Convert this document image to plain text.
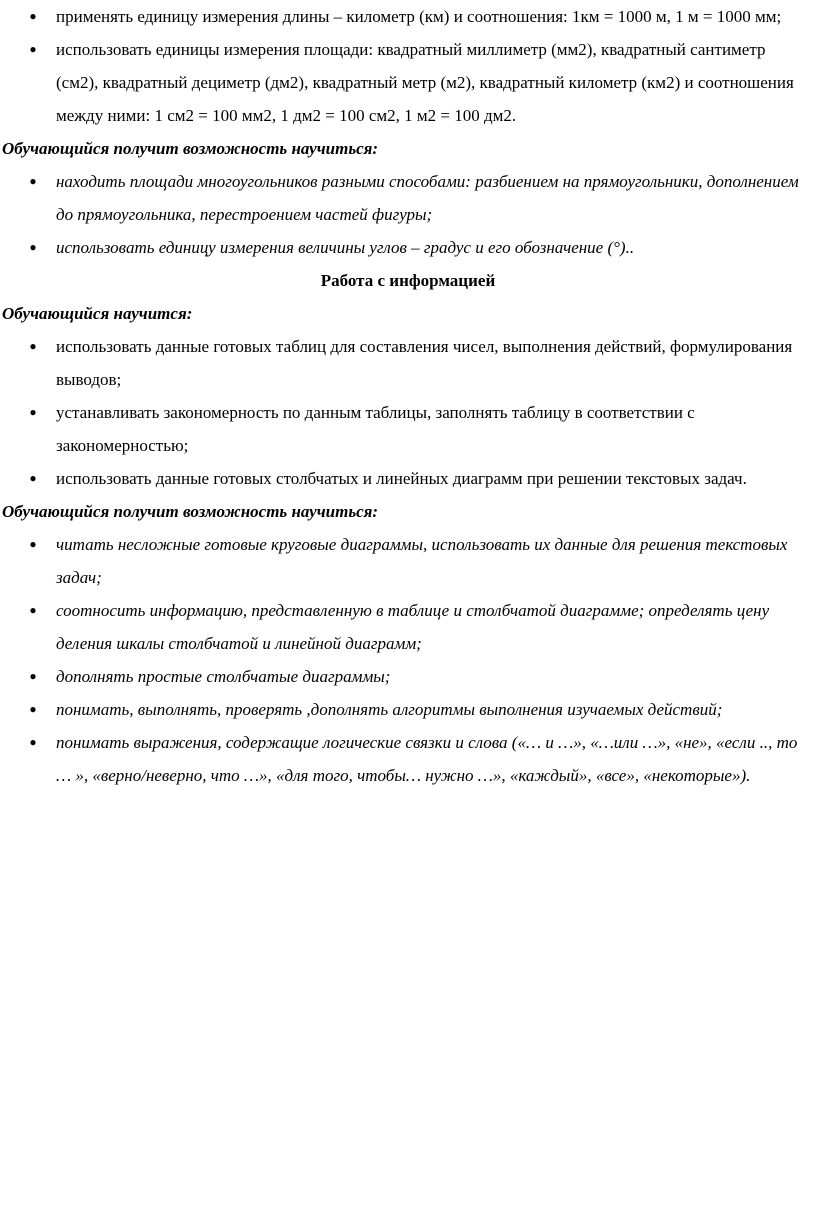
● применять единицу измерения длины – километр (км) и соотношения: 1км = 1000 м, 1 м = 1000 мм;
● использовать единицы измерения площади: квадратный миллиметр (мм2), квадратный сантиметр (см2), квадратный дециметр (дм2), квадратный метр (м2), квадратный километр (км2) и соотношения между ними: 1 см2 = 100 мм2, 1 дм2 = 100 см2, 1 м2 = 100 дм2.

Обучающийся получит возможность научиться:

● находить площади многоугольников разными способами: разбиением на прямоугольники, дополнением до прямоугольника, перестроением частей фигуры;
● использовать единицу измерения величины углов – градус и его обозначение (°)..

Работа с информацией

Обучающийся научится:

● использовать данные готовых таблиц для составления чисел, выполнения действий, формулирования выводов;
● устанавливать закономерность по данным таблицы, заполнять таблицу в соответствии с закономерностью;
● использовать данные готовых столбчатых и линейных диаграмм при решении текстовых задач.

Обучающийся получит возможность научиться:

● читать несложные готовые круговые диаграммы, использовать их данные для решения текстовых задач;
● соотносить информацию, представленную в таблице и столбчатой диаграмме; определять цену деления шкалы столбчатой и линейной диаграмм;
● дополнять простые столбчатые диаграммы;
● понимать, выполнять, проверять ,дополнять алгоритмы выполнения изучаемых действий;
● понимать выражения, содержащие логические связки и слова («… и …», «…или …», «не», «если .., то … », «верно/неверно, что …», «для того, чтобы… нужно …», «каждый», «все», «некоторые»).
